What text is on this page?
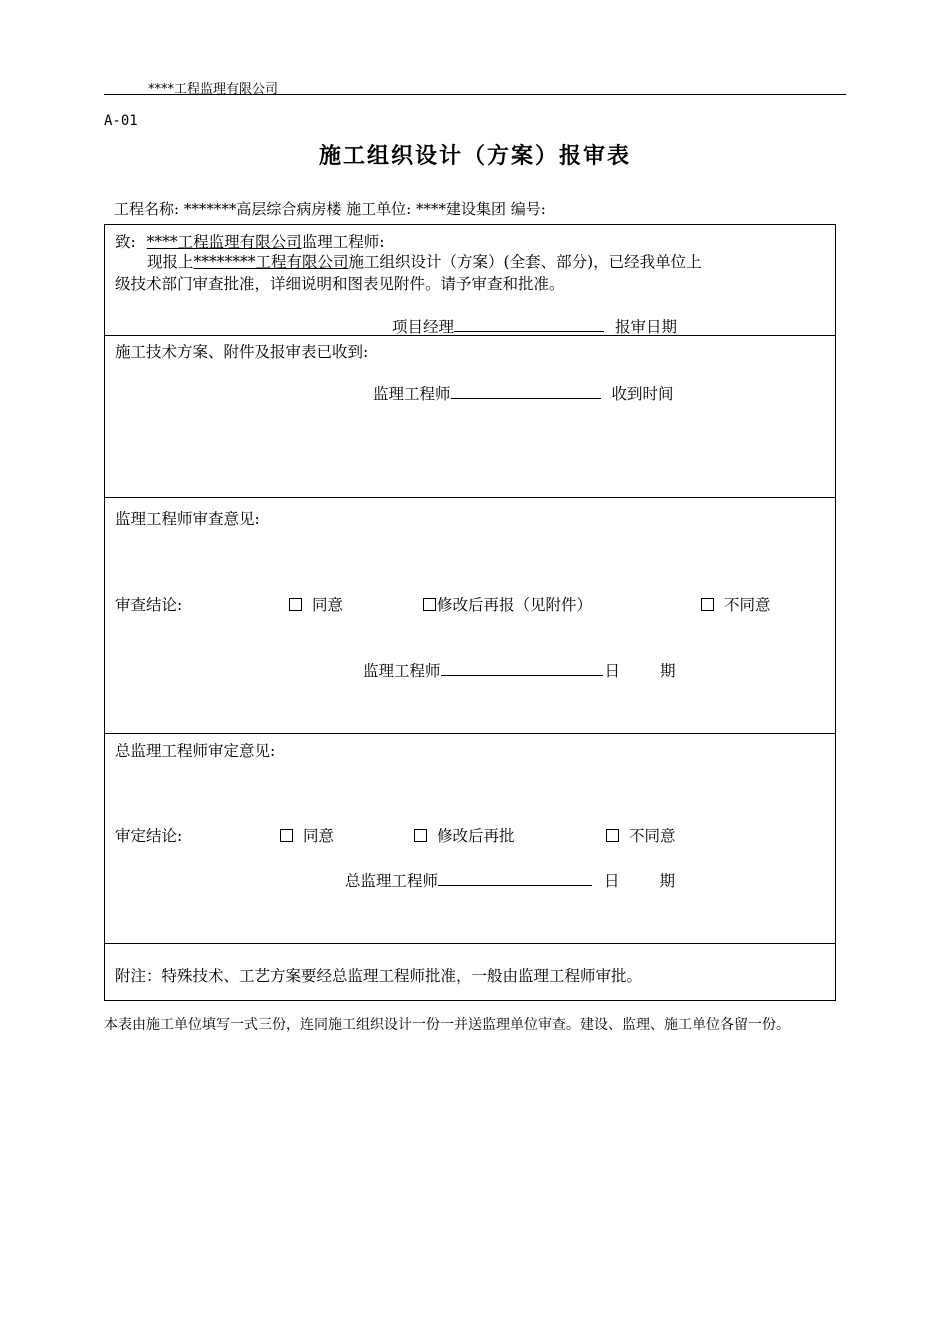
****工程监理有限公司
A-01
施工组织设计（方案）报审表
工程名称: *******高层综合病房楼 施工单位: ****建设集团 编号:
致: ****工程监理有限公司监理工程师:
现报上********工程有限公司施工组织设计（方案）(全套、部分)，已经我单位上
级技术部门审查批准，详细说明和图表见附件。请予审查和批准。
项目经理	报审日期
施工技术方案、附件及报审表已收到:
监理工程师	收到时间
监理工程师审查意见:
审查结论:	同意	修改后再报（见附件）	不同意
监理工程师	日	期
总监理工程师审定意见:
审定结论:	同意	修改后再批	不同意
总监理工程师	日	期
附注：特殊技术、工艺方案要经总监理工程师批准，一般由监理工程师审批。
本表由施工单位填写一式三份，连同施工组织设计一份一并送监理单位审查。建设、监理、施工单位各留一份。
